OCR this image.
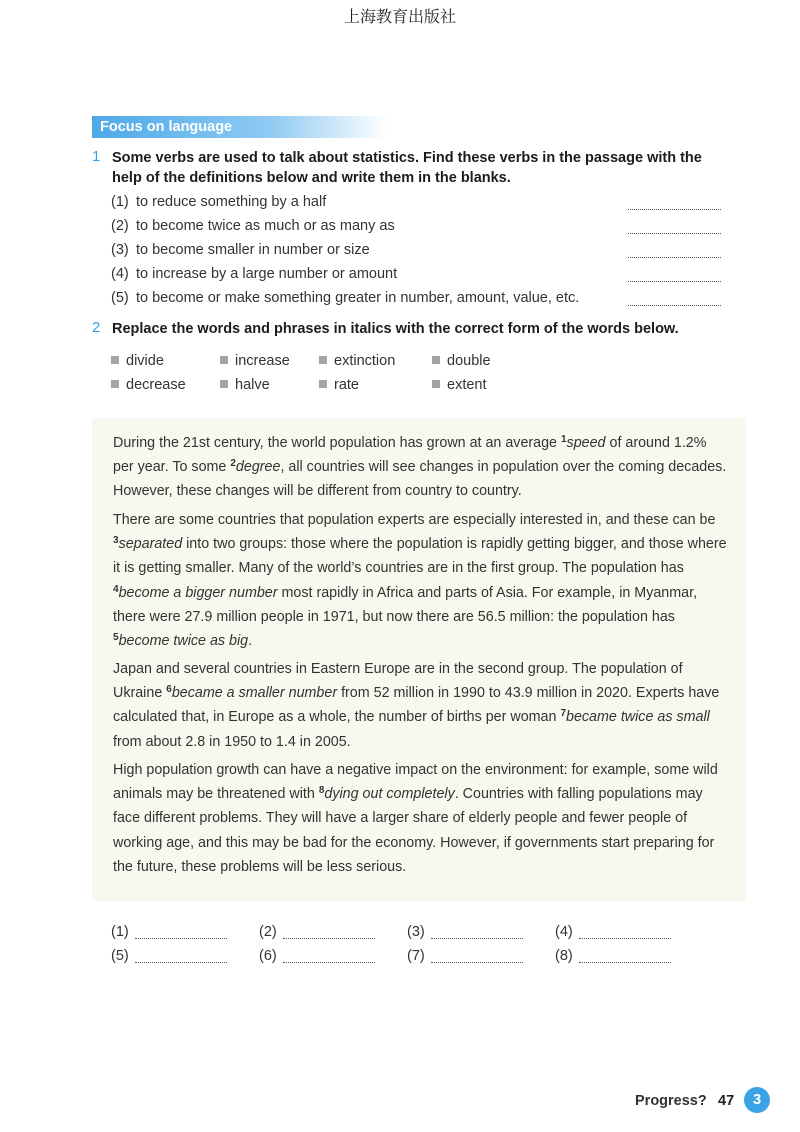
上海教育出版社
Focus on language
1 Some verbs are used to talk about statistics. Find these verbs in the passage with the help of the definitions below and write them in the blanks.
(1) to reduce something by a half
(2) to become twice as much or as many as
(3) to become smaller in number or size
(4) to increase by a large number or amount
(5) to become or make something greater in number, amount, value, etc.
2 Replace the words and phrases in italics with the correct form of the words below.
divide	increase	extinction	double
decrease	halve	rate	extent
During the 21st century, the world population has grown at an average $^1$speed of around 1.2% per year. To some $^2$degree, all countries will see changes in population over the coming decades. However, these changes will be different from country to country.
There are some countries that population experts are especially interested in, and these can be $^3$separated into two groups: those where the population is rapidly getting bigger, and those where it is getting smaller. Many of the world’s countries are in the first group. The population has $^4$become a bigger number most rapidly in Africa and parts of Asia. For example, in Myanmar, there were 27.9 million people in 1971, but now there are 56.5 million: the population has $^5$become twice as big.
Japan and several countries in Eastern Europe are in the second group. The population of Ukraine $^6$became a smaller number from 52 million in 1990 to 43.9 million in 2020. Experts have calculated that, in Europe as a whole, the number of births per woman $^7$became twice as small from about 2.8 in 1950 to 1.4 in 2005.
High population growth can have a negative impact on the environment: for example, some wild animals may be threatened with $^8$dying out completely. Countries with falling populations may face different problems. They will have a larger share of elderly people and fewer people of working age, and this may be bad for the economy. However, if governments start preparing for the future, these problems will be less serious.
(1)	(2)	(3)	(4)
(5)	(6)	(7)	(8)
Progress? 47	3
